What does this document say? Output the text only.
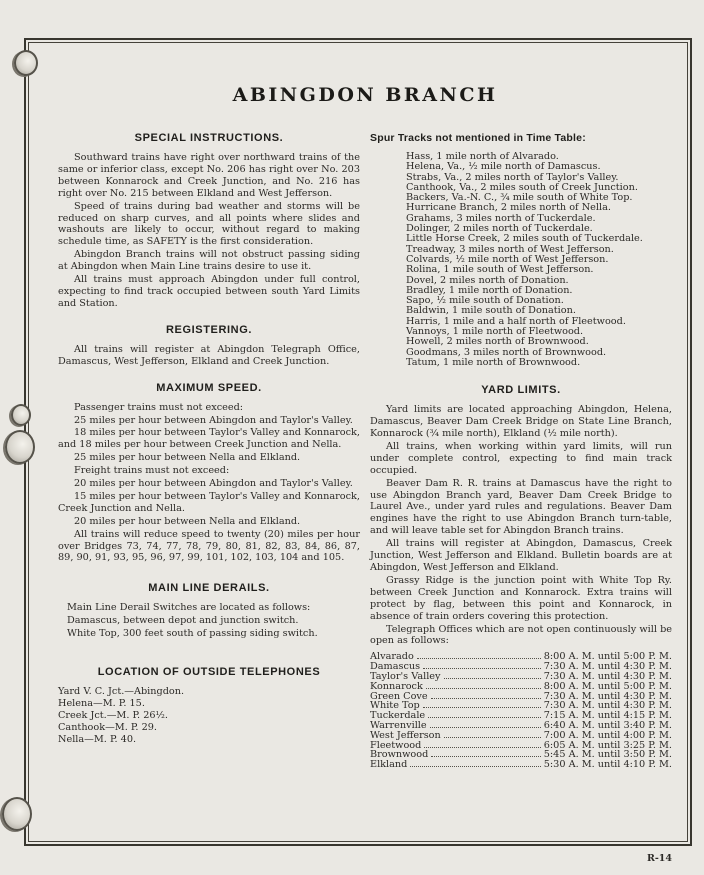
ABINGDON BRANCH
SPECIAL INSTRUCTIONS.

Southward trains have right over northward trains of the same or inferior class, except No. 206 has right over No. 203 between Konnarock and Creek Junction, and No. 216 has right over No. 215 between Elkland and West Jefferson.

Speed of trains during bad weather and storms will be reduced on sharp curves, and all points where slides and washouts are likely to occur, without regard to making schedule time, as SAFETY is the first consideration.

Abingdon Branch trains will not obstruct passing siding at Abingdon when Main Line trains desire to use it.

All trains must approach Abingdon under full control, expecting to find track occupied between south Yard Limits and Station.

REGISTERING.

All trains will register at Abingdon Telegraph Office, Damascus, West Jefferson, Elkland and Creek Junction.

MAXIMUM SPEED.

Passenger trains must not exceed:

25 miles per hour between Abingdon and Taylor's Valley.

18 miles per hour between Taylor's Valley and Konnarock, and 18 miles per hour between Creek Junction and Nella.

25 miles per hour between Nella and Elkland.

Freight trains must not exceed:

20 miles per hour between Abingdon and Taylor's Valley.

15 miles per hour between Taylor's Valley and Konnarock, Creek Junction and Nella.

20 miles per hour between Nella and Elkland.

All trains will reduce speed to twenty (20) miles per hour over Bridges 73, 74, 77, 78, 79, 80, 81, 82, 83, 84, 86, 87, 89, 90, 91, 93, 95, 96, 97, 99, 101, 102, 103, 104 and 105.

MAIN LINE DERAILS.

Main Line Derail Switches are located as follows:

Damascus, between depot and junction switch.

White Top, 300 feet south of passing siding switch.

LOCATION OF OUTSIDE TELEPHONES
Yard V. C. Jct.—Abingdon.
Helena—M. P. 15.
Creek Jct.—M. P. 26½.
Canthook—M. P. 29.
Nella—M. P. 40.
Spur Tracks not mentioned in Time Table:
Hass, 1 mile north of Alvarado.
Helena, Va., ½ mile north of Damascus.
Strabs, Va., 2 miles north of Taylor's Valley.
Canthook, Va., 2 miles south of Creek Junction.
Backers, Va.-N. C., ¾ mile south of White Top.
Hurricane Branch, 2 miles north of Nella.
Grahams, 3 miles north of Tuckerdale.
Dolinger, 2 miles north of Tuckerdale.
Little Horse Creek, 2 miles south of Tuckerdale.
Treadway, 3 miles north of West Jefferson.
Colvards, ½ mile north of West Jefferson.
Rolina, 1 mile south of West Jefferson.
Dovel, 2 miles north of Donation.
Bradley, 1 mile north of Donation.
Sapo, ½ mile south of Donation.
Baldwin, 1 mile south of Donation.
Harris, 1 mile and a half north of Fleetwood.
Vannoys, 1 mile north of Fleetwood.
Howell, 2 miles north of Brownwood.
Goodmans, 3 miles north of Brownwood.
Tatum, 1 mile north of Brownwood.
YARD LIMITS.

Yard limits are located approaching Abingdon, Helena, Damascus, Beaver Dam Creek Bridge on State Line Branch, Konnarock (¾ mile north), Elkland (½ mile north).

All trains, when working within yard limits, will run under complete control, expecting to find main track occupied.

Beaver Dam R. R. trains at Damascus have the right to use Abingdon Branch yard, Beaver Dam Creek Bridge to Laurel Ave., under yard rules and regulations. Beaver Dam engines have the right to use Abingdon Branch turn-table, and will leave table set for Abingdon Branch trains.

All trains will register at Abingdon, Damascus, Creek Junction, West Jefferson and Elkland. Bulletin boards are at Abingdon, West Jefferson and Elkland.

Grassy Ridge is the junction point with White Top Ry. between Creek Junction and Konnarock. Extra trains will protect by flag, between this point and Konnarock, in absence of train orders covering this protection.

Telegraph Offices which are not open continuously will be open as follows:

Alvarado	8:00 A. M. until 5:00 P. M.
Damascus	7:30 A. M. until 4:30 P. M.
Taylor's Valley	7:30 A. M. until 4:30 P. M.
Konnarock	8:00 A. M. until 5:00 P. M.
Green Cove	7:30 A. M. until 4:30 P. M.
White Top	7:30 A. M. until 4:30 P. M.
Tuckerdale	7:15 A. M. until 4:15 P. M.
Warrenville	6:40 A. M. until 3:40 P. M.
West Jefferson	7:00 A. M. until 4:00 P. M.
Fleetwood	6:05 A. M. until 3:25 P. M.
Brownwood	5:45 A. M. until 3:50 P. M.
Elkland	5:30 A. M. until 4:10 P. M.
R-14
